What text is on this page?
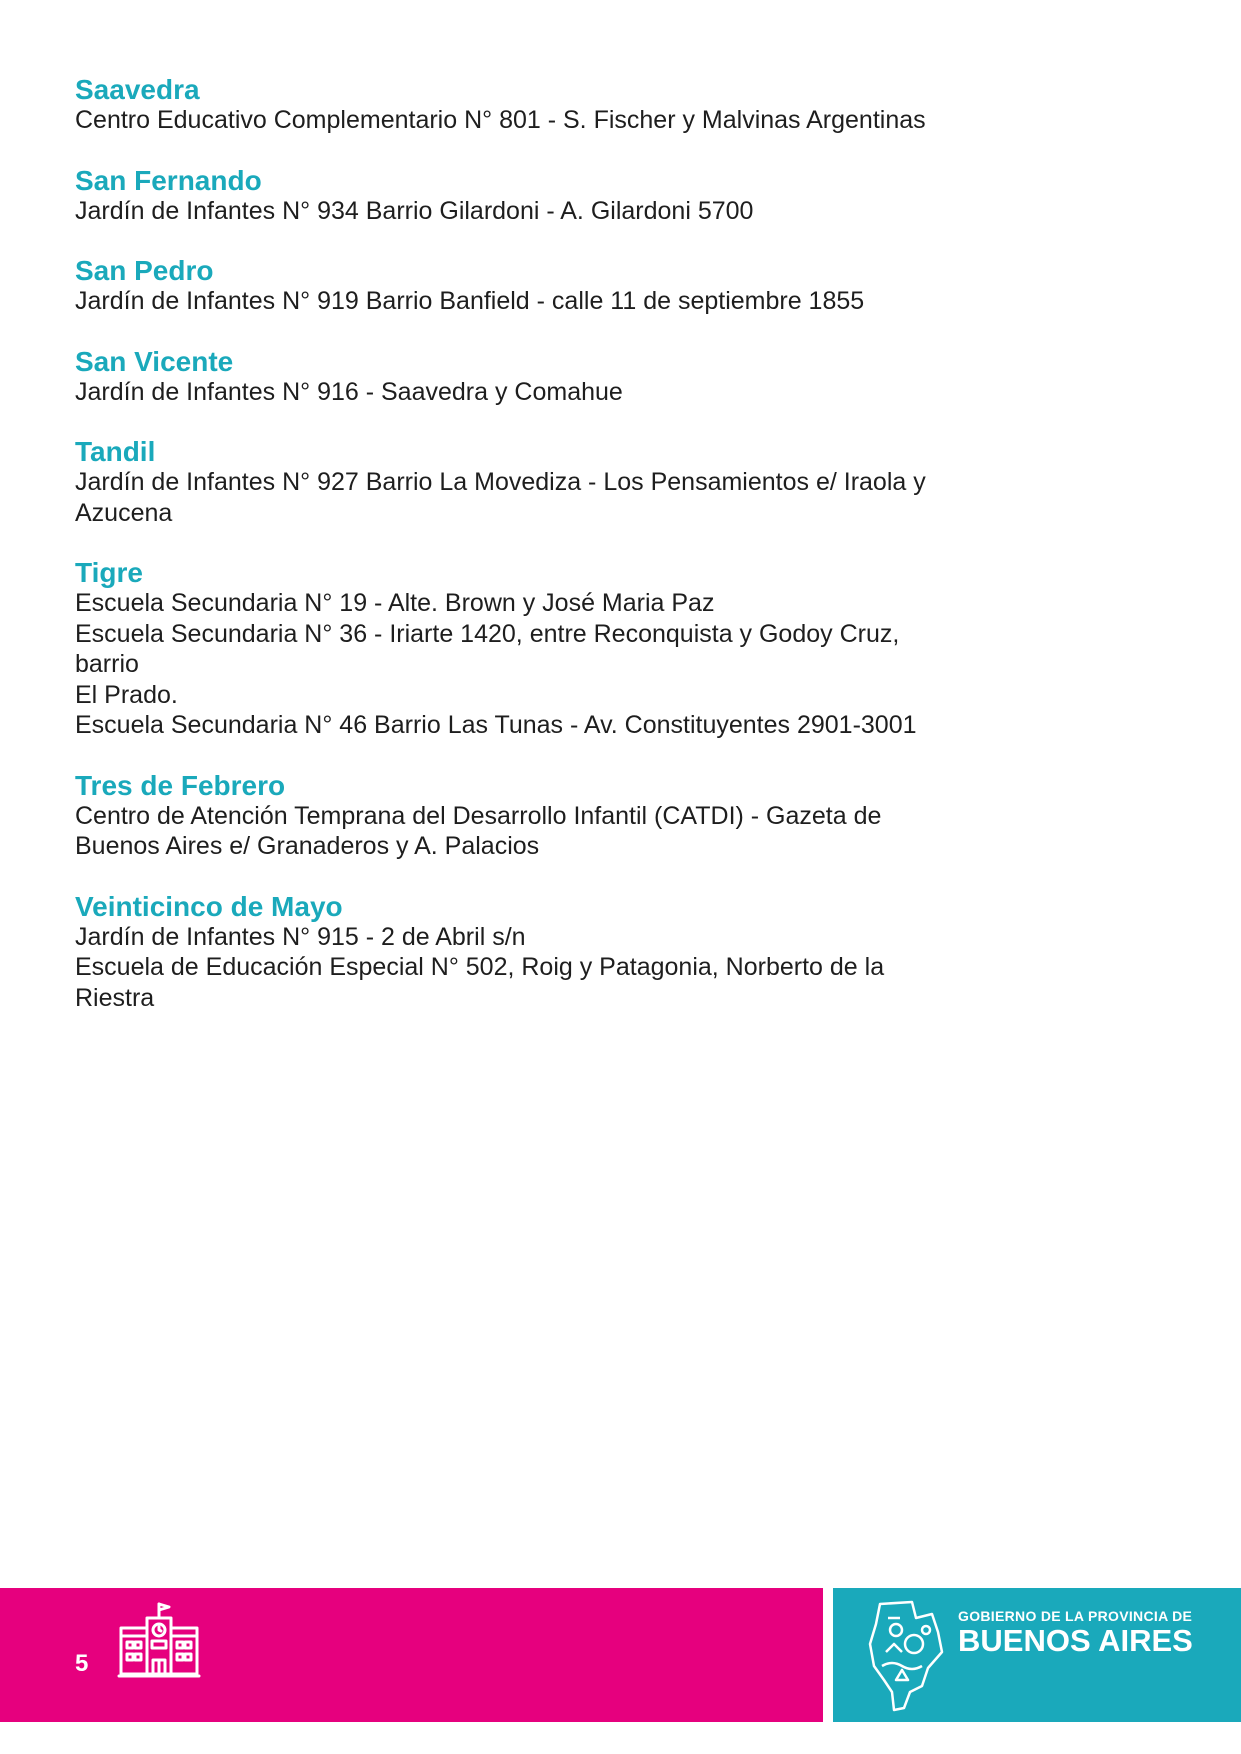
Saavedra
Centro Educativo Complementario N° 801 - S. Fischer y Malvinas Argentinas
San Fernando
Jardín de Infantes N° 934 Barrio Gilardoni - A. Gilardoni 5700
San Pedro
Jardín de Infantes N° 919 Barrio Banfield - calle 11 de septiembre 1855
San Vicente
Jardín de Infantes N° 916 - Saavedra y Comahue
Tandil
Jardín de Infantes N° 927 Barrio La Movediza - Los Pensamientos e/ Iraola y
Azucena
Tigre
Escuela Secundaria N° 19 - Alte. Brown y José Maria Paz
Escuela Secundaria N° 36 - Iriarte 1420, entre Reconquista y Godoy Cruz, barrio
El Prado.
Escuela Secundaria N° 46 Barrio Las Tunas - Av. Constituyentes 2901-3001
Tres de Febrero
Centro de Atención Temprana del Desarrollo Infantil (CATDI) - Gazeta de
Buenos Aires e/ Granaderos y A. Palacios
Veinticinco de Mayo
Jardín de Infantes N° 915 - 2 de Abril s/n
Escuela de Educación Especial N° 502, Roig y Patagonia, Norberto de la Riestra
5
GOBIERNO DE LA PROVINCIA DE
BUENOS AIRES
